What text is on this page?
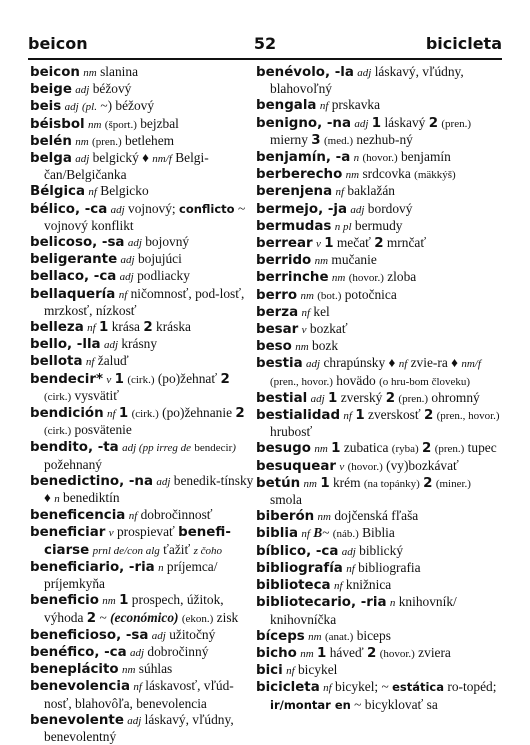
beicon	52	bicicleta

beicon nm slanina

beige adj béžový

beis adj (pl. ~) béžový

béisbol nm (šport.) bejzbal

belén nm (pren.) betlehem

belga adj belgický ♦ nm/f Belgi-čan/Belgičanka

Bélgica nf Belgicko

bélico, -ca adj vojnový; conflicto ~ vojnový konflikt

belicoso, -sa adj bojovný

beligerante adj bojujúci

bellaco, -ca adj podliacky

bellaquería nf ničomnosť, pod-losť, mrzkosť, nízkosť

belleza nf 1 krása 2 kráska

bello, -lla adj krásny

bellota nf žaluď

bendecir* v 1 (cirk.) (po)žehnať 2 (cirk.) vysvätiť

bendición nf 1 (cirk.) (po)žehnanie 2 (cirk.) posvätenie

bendito, -ta adj (pp irreg de bendecir) požehnaný

benedictino, -na adj benedik-tínsky ♦ n benediktín

beneficencia nf dobročinnosť

beneficiar v prospievať benefi-ciarse prnl de/con alg ťažiť z čoho

beneficiario, -ria n príjemca/ príjemkyňa

beneficio nm 1 prospech, úžitok, výhoda 2 ~ (económico) (ekon.) zisk

beneficioso, -sa adj užitočný

benéfico, -ca adj dobročinný

beneplácito nm súhlas

benevolencia nf láskavosť, vľúd-nosť, blahovôľa, benevolencia

benevolente adj láskavý, vľúdny, benevolentný

benévolo, -la adj láskavý, vľúdny, blahovoľný

bengala nf prskavka

benigno, -na adj 1 láskavý 2 (pren.) mierny 3 (med.) nezhub-ný

benjamín, -a n (hovor.) benjamín

berberecho nm srdcovka (mäkkýš)

berenjena nf baklažán

bermejo, -ja adj bordový

bermudas n pl bermudy

berrear v 1 mečať 2 mrnčať

berrido nm mučanie

berrinche nm (hovor.) zloba

berro nm (bot.) potočnica

berza nf kel

besar v bozkať

beso nm bozk

bestia adj chrapúnsky ♦ nf zvie-ra ♦ nm/f (pren., hovor.) hovädo (o hru-bom človeku)

bestial adj 1 zverský 2 (pren.) ohromný

bestialidad nf 1 zverskosť 2 (pren., hovor.) hrubosť

besugo nm 1 zubatica (ryba) 2 (pren.) tupec

besuquear v (hovor.) (vy)bozkávať

betún nm 1 krém (na topánky) 2 (miner.) smola

biberón nm dojčenská fľaša

biblia nf B~ (náb.) Biblia

bíblico, -ca adj biblický

bibliografía nf bibliografia

biblioteca nf knižnica

bibliotecario, -ria n knihovník/ knihovníčka

bíceps nm (anat.) biceps

bicho nm 1 háveď 2 (hovor.) zviera

bici nf bicykel

bicicleta nf bicykel; ~ estática ro-topéd; ir/montar en ~ bicyklovať sa
